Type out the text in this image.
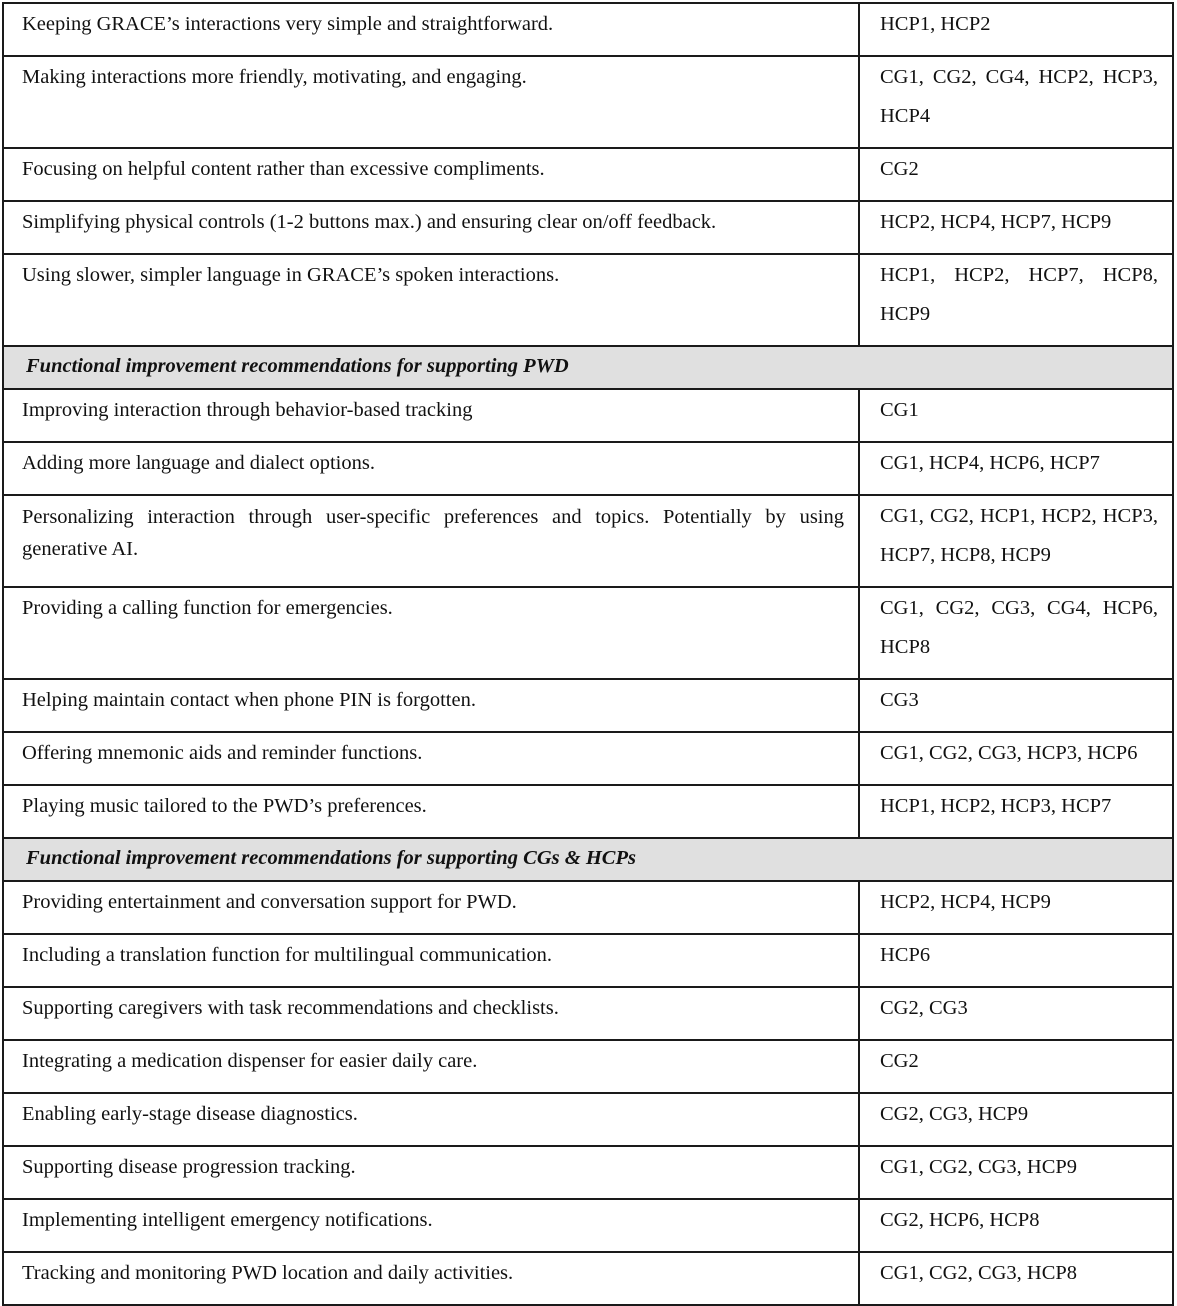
Keeping GRACE’s interactions very simple and straightforward.	HCP1, HCP2
Making interactions more friendly, motivating, and engaging.	CG1, CG2, CG4, HCP2, HCP3, HCP4
Focusing on helpful content rather than excessive compliments.	CG2
Simplifying physical controls (1-2 buttons max.) and ensuring clear on/off feedback.	HCP2, HCP4, HCP7, HCP9
Using slower, simpler language in GRACE’s spoken interactions.	HCP1, HCP2, HCP7, HCP8, HCP9
Functional improvement recommendations for supporting PWD	
Improving interaction through behavior-based tracking	CG1
Adding more language and dialect options.	CG1, HCP4, HCP6, HCP7
Personalizing interaction through user-specific preferences and topics. Potentially by using generative AI.	CG1, CG2, HCP1, HCP2, HCP3, HCP7, HCP8, HCP9
Providing a calling function for emergencies.	CG1, CG2, CG3, CG4, HCP6, HCP8
Helping maintain contact when phone PIN is forgotten.	CG3
Offering mnemonic aids and reminder functions.	CG1, CG2, CG3, HCP3, HCP6
Playing music tailored to the PWD’s preferences.	HCP1, HCP2, HCP3, HCP7
Functional improvement recommendations for supporting CGs & HCPs	
Providing entertainment and conversation support for PWD.	HCP2, HCP4, HCP9
Including a translation function for multilingual communication.	HCP6
Supporting caregivers with task recommendations and checklists.	CG2, CG3
Integrating a medication dispenser for easier daily care.	CG2
Enabling early-stage disease diagnostics.	CG2, CG3, HCP9
Supporting disease progression tracking.	CG1, CG2, CG3, HCP9
Implementing intelligent emergency notifications.	CG2, HCP6, HCP8
Tracking and monitoring PWD location and daily activities.	CG1, CG2, CG3, HCP8
